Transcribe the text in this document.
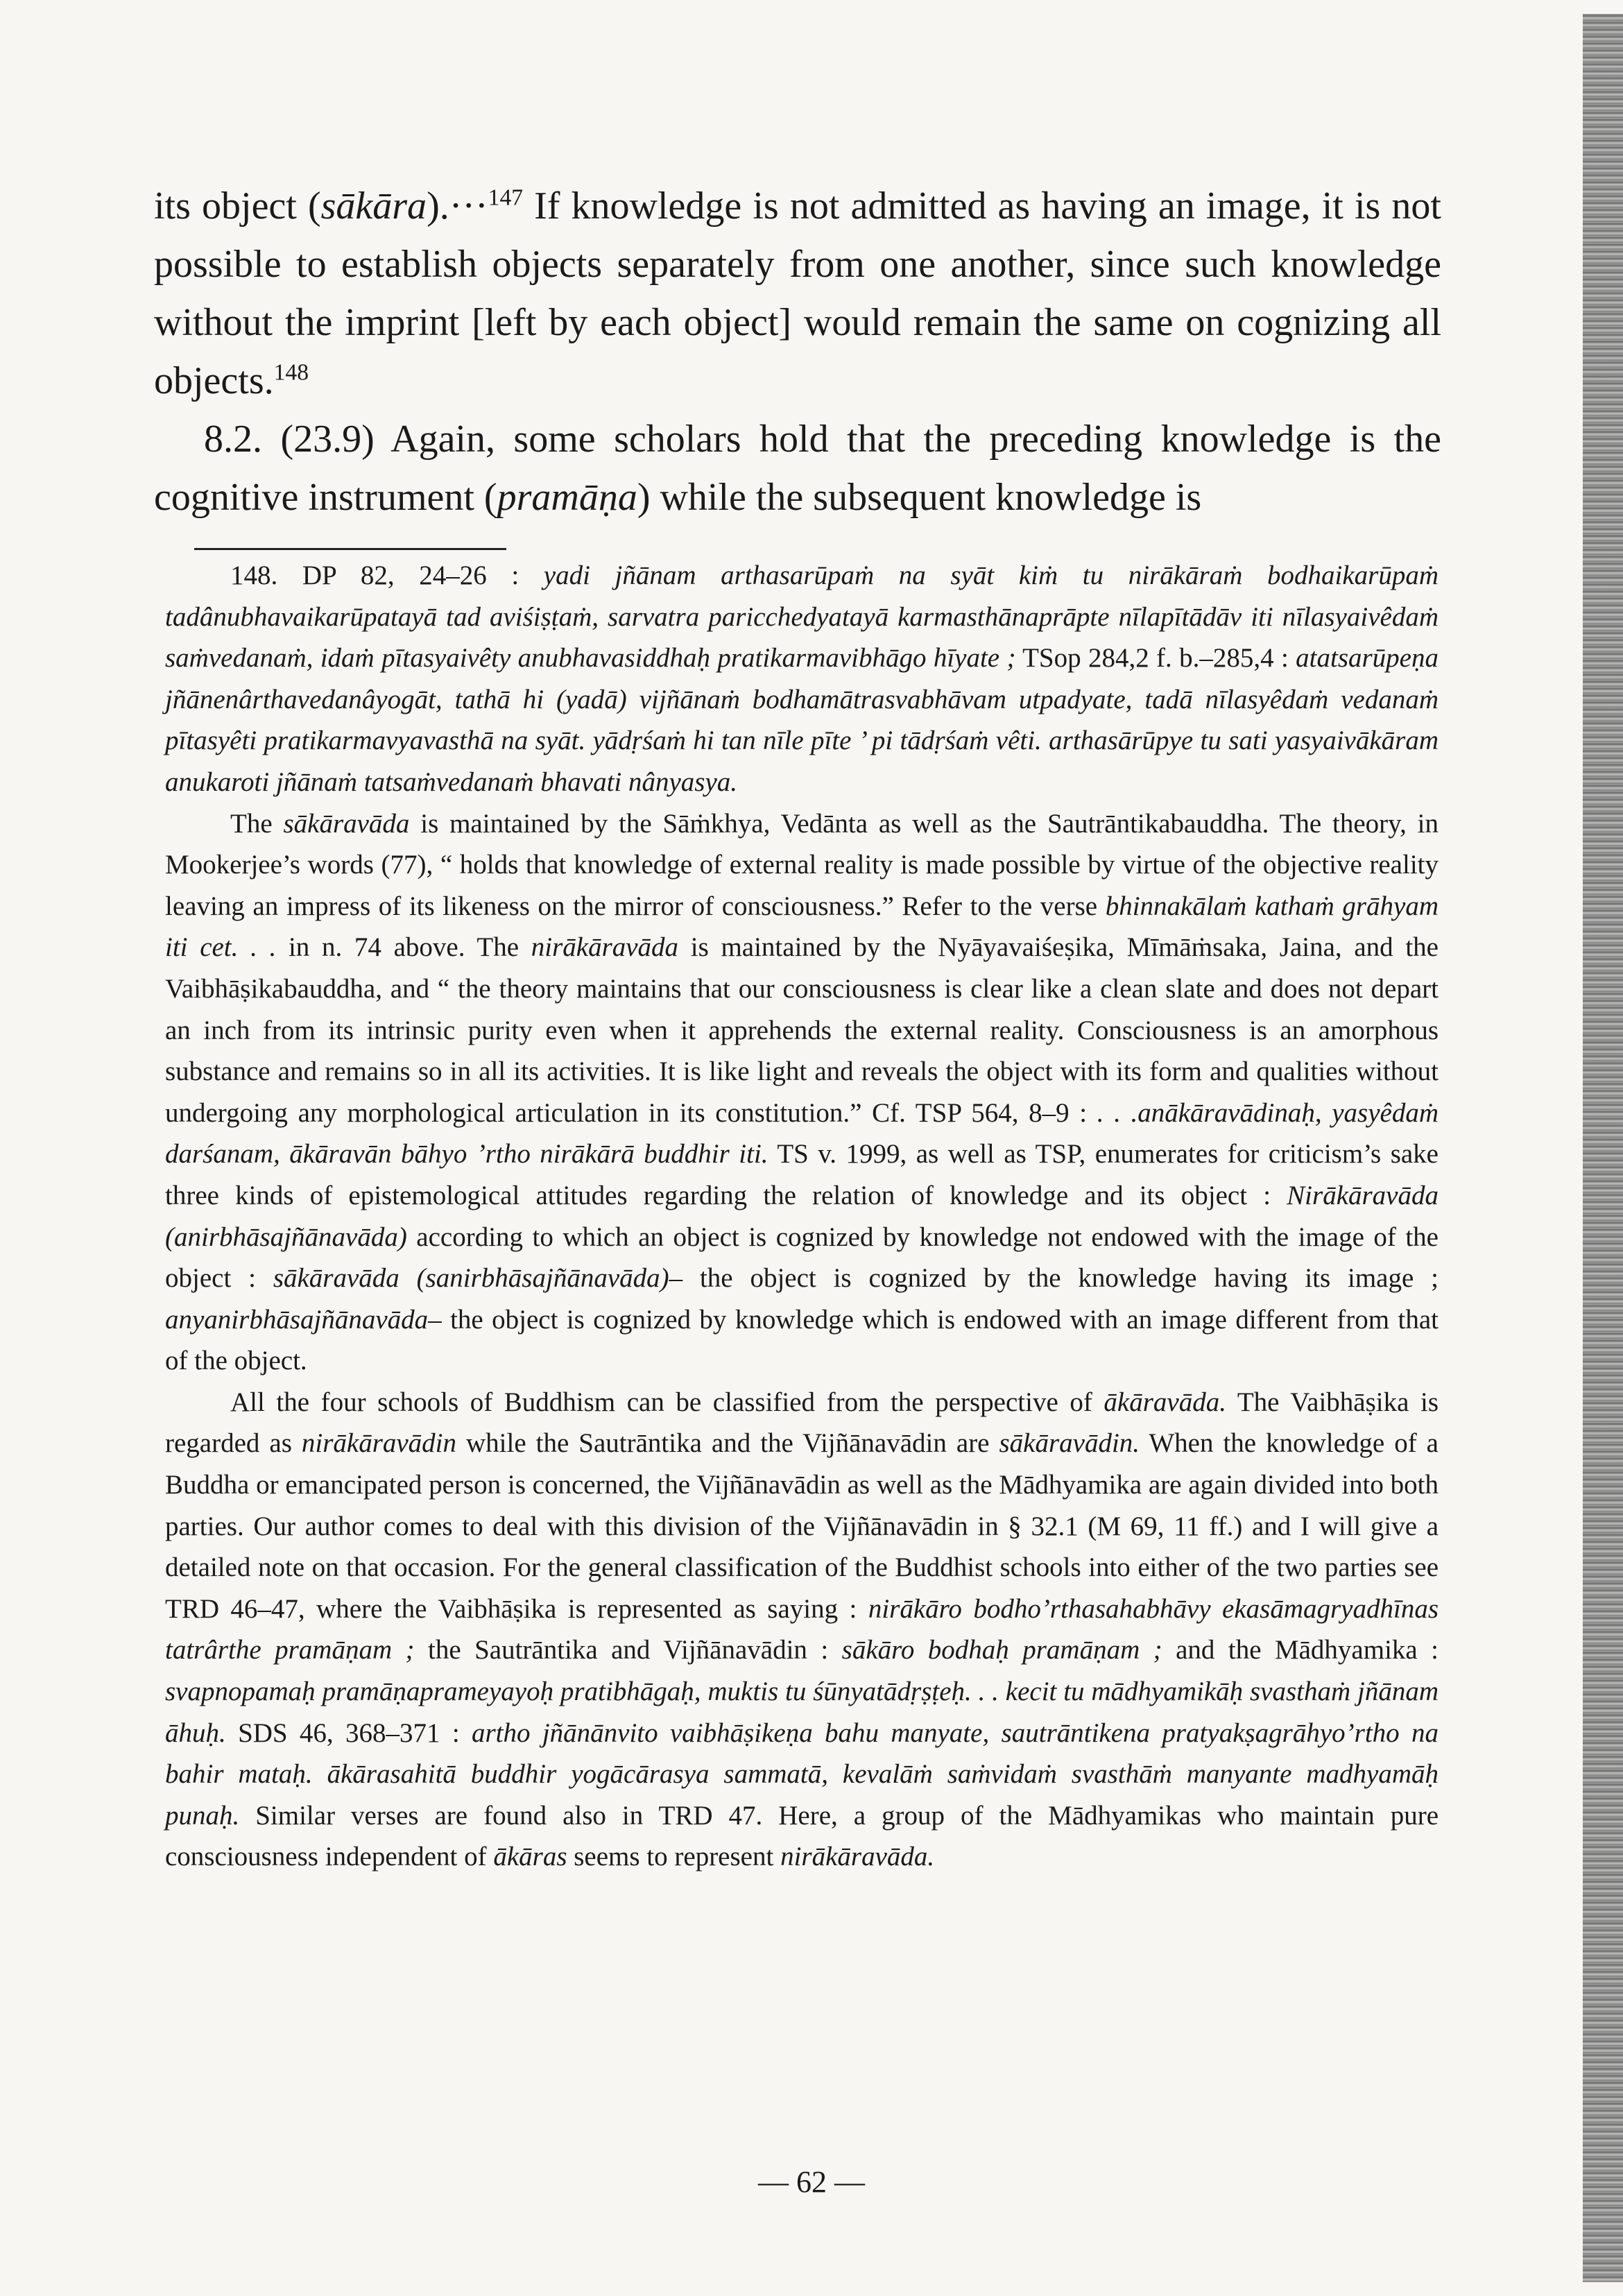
its object (sākāra).···$^{147}$ If knowledge is not admitted as having an image, it is not possible to establish objects separately from one another, since such knowledge without the imprint [left by each object] would remain the same on cognizing all objects.$^{148}$

8.2. (23.9) Again, some scholars hold that the preceding knowledge is the cognitive instrument (pramāṇa) while the subsequent knowledge is

148. DP 82, 24–26 : yadi jñānam arthasarūpaṁ na syāt kiṁ tu nirākāraṁ bodhaikarūpaṁ tadânubhavaikarūpatayā tad aviśiṣṭaṁ, sarvatra paricchedyatayā karmasthānaprāpte nīlapītādāv iti nīlasyaivêdaṁ saṁvedanaṁ, idaṁ pītasyaivêty anubhavasiddhaḥ pratikarmavibhāgo hīyate ; TSop 284,2 f. b.–285,4 : atatsarūpeṇa jñānenârthavedanâyogāt, tathā hi (yadā) vijñānaṁ bodhamātrasvabhāvam utpadyate, tadā nīlasyêdaṁ vedanaṁ pītasyêti pratikarmavyavasthā na syāt. yādṛśaṁ hi tan nīle pīte ’ pi tādṛśaṁ vêti. arthasārūpye tu sati yasyaivākāram anukaroti jñānaṁ tatsaṁvedanaṁ bhavati nânyasya.

The sākāravāda is maintained by the Sāṁkhya, Vedānta as well as the Sautrāntikabauddha. The theory, in Mookerjee’s words (77), “ holds that knowledge of external reality is made possible by virtue of the objective reality leaving an impress of its likeness on the mirror of consciousness.” Refer to the verse bhinnakālaṁ kathaṁ grāhyam iti cet. . . in n. 74 above. The nirākāravāda is maintained by the Nyāyavaiśeṣika, Mīmāṁsaka, Jaina, and the Vaibhāṣikabauddha, and “ the theory maintains that our consciousness is clear like a clean slate and does not depart an inch from its intrinsic purity even when it apprehends the external reality. Consciousness is an amorphous substance and remains so in all its activities. It is like light and reveals the object with its form and qualities without undergoing any morphological articulation in its constitution.” Cf. TSP 564, 8–9 : . . .anākāravādinaḥ, yasyêdaṁ darśanam, ākāravān bāhyo ’rtho nirākārā buddhir iti. TS v. 1999, as well as TSP, enumerates for criticism’s sake three kinds of epistemological attitudes regarding the relation of knowledge and its object : Nirākāravāda (anirbhāsajñānavāda) according to which an object is cognized by knowledge not endowed with the image of the object : sākāravāda (sanirbhāsajñānavāda)– the object is cognized by the knowledge having its image ; anyanirbhāsajñānavāda– the object is cognized by knowledge which is endowed with an image different from that of the object.

All the four schools of Buddhism can be classified from the perspective of ākāravāda. The Vaibhāṣika is regarded as nirākāravādin while the Sautrāntika and the Vijñānavādin are sākāravādin. When the knowledge of a Buddha or emancipated person is concerned, the Vijñānavādin as well as the Mādhyamika are again divided into both parties. Our author comes to deal with this division of the Vijñānavādin in § 32.1 (M 69, 11 ff.) and I will give a detailed note on that occasion. For the general classification of the Buddhist schools into either of the two parties see TRD 46–47, where the Vaibhāṣika is represented as saying : nirākāro bodho’rthasahabhāvy ekasāmagryadhīnas tatrârthe pramāṇam ; the Sautrāntika and Vijñānavādin : sākāro bodhaḥ pramāṇam ; and the Mādhyamika : svapnopamaḥ pramāṇaprameyayoḥ pratibhāgaḥ, muktis tu śūnyatādṛṣṭeḥ. . . kecit tu mādhyamikāḥ svasthaṁ jñānam āhuḥ. SDS 46, 368–371 : artho jñānānvito vaibhāṣikeṇa bahu manyate, sautrāntikena pratyakṣagrāhyo’rtho na bahir mataḥ. ākārasahitā buddhir yogācārasya sammatā, kevalāṁ saṁvidaṁ svasthāṁ manyante madhyamāḥ punaḥ. Similar verses are found also in TRD 47. Here, a group of the Mādhyamikas who maintain pure consciousness independent of ākāras seems to represent nirākāravāda.

— 62 —
